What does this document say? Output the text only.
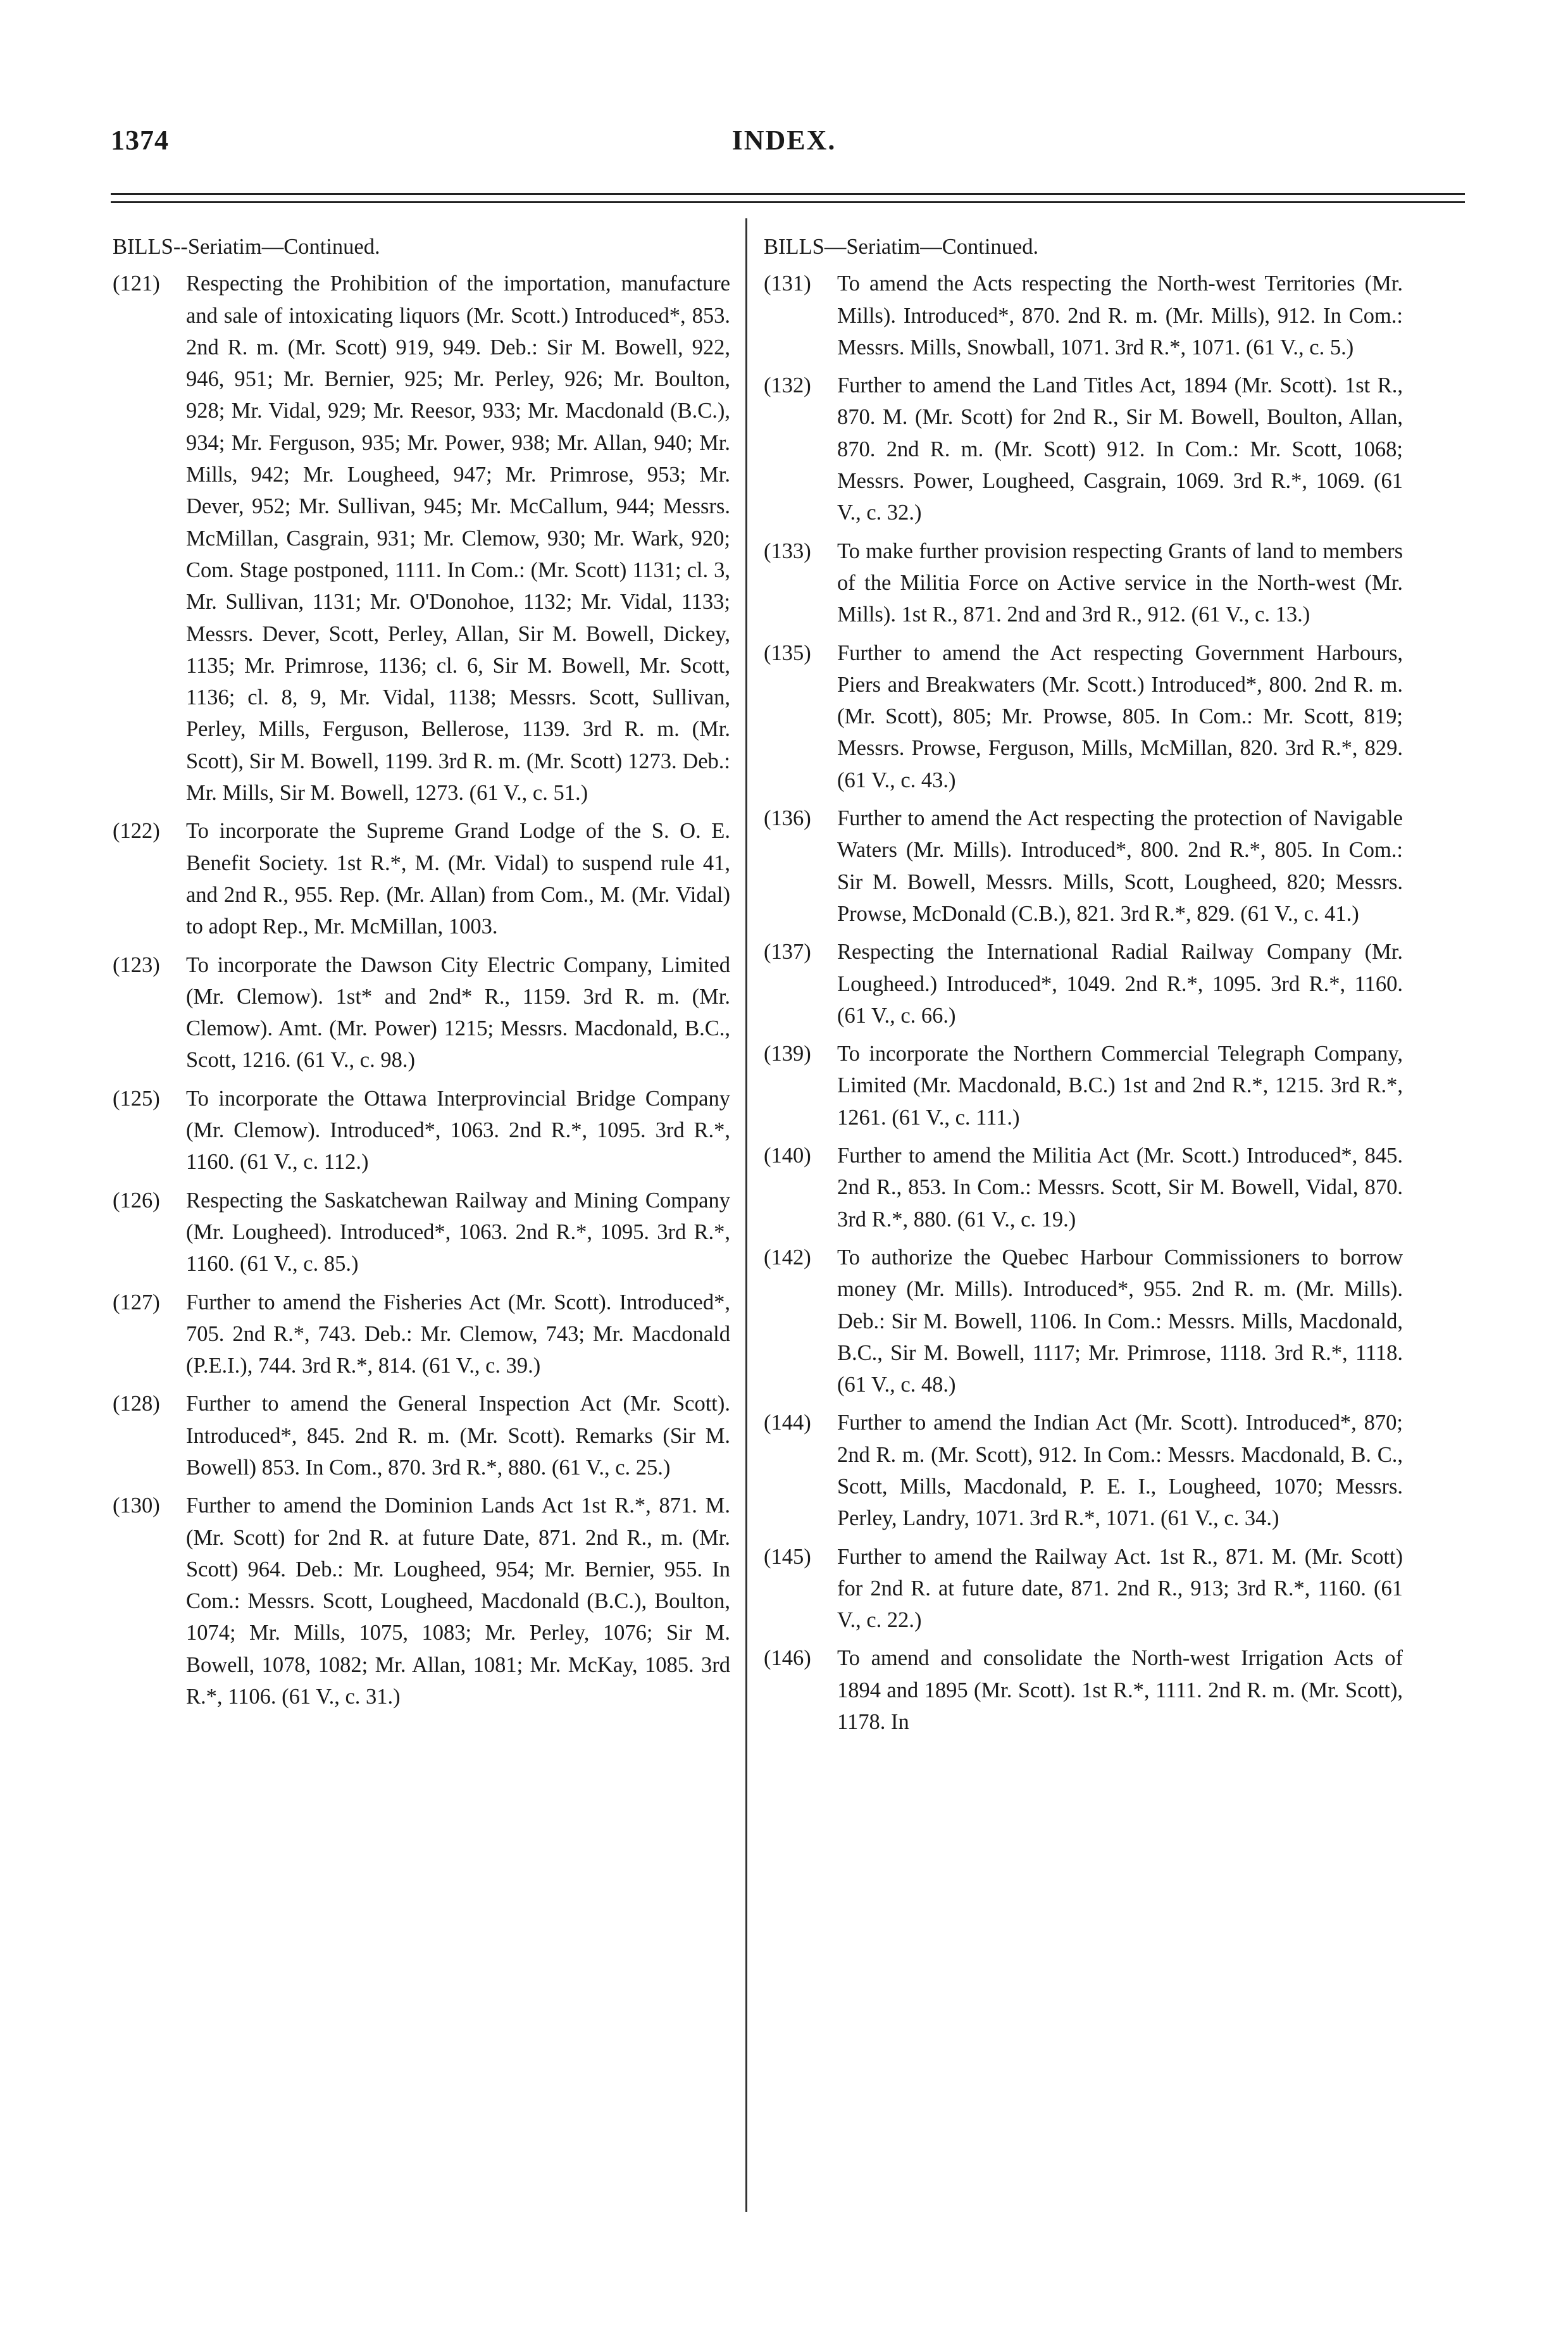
1374	INDEX.
BILLS--Seriatim—Continued.
(121) Respecting the Prohibition of the importation, manufacture and sale of intoxicating liquors (Mr. Scott.) Introduced*, 853. 2nd R. m. (Mr. Scott) 919, 949. Deb.: Sir M. Bowell, 922, 946, 951; Mr. Bernier, 925; Mr. Perley, 926; Mr. Boulton, 928; Mr. Vidal, 929; Mr. Reesor, 933; Mr. Macdonald (B.C.), 934; Mr. Ferguson, 935; Mr. Power, 938; Mr. Allan, 940; Mr. Mills, 942; Mr. Lougheed, 947; Mr. Primrose, 953; Mr. Dever, 952; Mr. Sullivan, 945; Mr. McCallum, 944; Messrs. McMillan, Casgrain, 931; Mr. Clemow, 930; Mr. Wark, 920; Com. Stage postponed, 1111. In Com.: (Mr. Scott) 1131; cl. 3, Mr. Sullivan, 1131; Mr. O'Donohoe, 1132; Mr. Vidal, 1133; Messrs. Dever, Scott, Perley, Allan, Sir M. Bowell, Dickey, 1135; Mr. Primrose, 1136; cl. 6, Sir M. Bowell, Mr. Scott, 1136; cl. 8, 9, Mr. Vidal, 1138; Messrs. Scott, Sullivan, Perley, Mills, Ferguson, Bellerose, 1139. 3rd R. m. (Mr. Scott), Sir M. Bowell, 1199. 3rd R. m. (Mr. Scott) 1273. Deb.: Mr. Mills, Sir M. Bowell, 1273. (61 V., c. 51.)
(122) To incorporate the Supreme Grand Lodge of the S. O. E. Benefit Society. 1st R.*, M. (Mr. Vidal) to suspend rule 41, and 2nd R., 955. Rep. (Mr. Allan) from Com., M. (Mr. Vidal) to adopt Rep., Mr. McMillan, 1003.
(123) To incorporate the Dawson City Electric Company, Limited (Mr. Clemow). 1st* and 2nd* R., 1159. 3rd R. m. (Mr. Clemow). Amt. (Mr. Power) 1215; Messrs. Macdonald, B.C., Scott, 1216. (61 V., c. 98.)
(125) To incorporate the Ottawa Interprovincial Bridge Company (Mr. Clemow). Introduced*, 1063. 2nd R.*, 1095. 3rd R.*, 1160. (61 V., c. 112.)
(126) Respecting the Saskatchewan Railway and Mining Company (Mr. Lougheed). Introduced*, 1063. 2nd R.*, 1095. 3rd R.*, 1160. (61 V., c. 85.)
(127) Further to amend the Fisheries Act (Mr. Scott). Introduced*, 705. 2nd R.*, 743. Deb.: Mr. Clemow, 743; Mr. Macdonald (P.E.I.), 744. 3rd R.*, 814. (61 V., c. 39.)
(128) Further to amend the General Inspection Act (Mr. Scott). Introduced*, 845. 2nd R. m. (Mr. Scott). Remarks (Sir M. Bowell) 853. In Com., 870. 3rd R.*, 880. (61 V., c. 25.)
(130) Further to amend the Dominion Lands Act 1st R.*, 871. M. (Mr. Scott) for 2nd R. at future Date, 871. 2nd R., m. (Mr. Scott) 964. Deb.: Mr. Lougheed, 954; Mr. Bernier, 955. In Com.: Messrs. Scott, Lougheed, Macdonald (B.C.), Boulton, 1074; Mr. Mills, 1075, 1083; Mr. Perley, 1076; Sir M. Bowell, 1078, 1082; Mr. Allan, 1081; Mr. McKay, 1085. 3rd R.*, 1106. (61 V., c. 31.)
BILLS—Seriatim—Continued.
(131) To amend the Acts respecting the North-west Territories (Mr. Mills). Introduced*, 870. 2nd R. m. (Mr. Mills), 912. In Com.: Messrs. Mills, Snowball, 1071. 3rd R.*, 1071. (61 V., c. 5.)
(132) Further to amend the Land Titles Act, 1894 (Mr. Scott). 1st R., 870. M. (Mr. Scott) for 2nd R., Sir M. Bowell, Boulton, Allan, 870. 2nd R. m. (Mr. Scott) 912. In Com.: Mr. Scott, 1068; Messrs. Power, Lougheed, Casgrain, 1069. 3rd R.*, 1069. (61 V., c. 32.)
(133) To make further provision respecting Grants of land to members of the Militia Force on Active service in the North-west (Mr. Mills). 1st R., 871. 2nd and 3rd R., 912. (61 V., c. 13.)
(135) Further to amend the Act respecting Government Harbours, Piers and Breakwaters (Mr. Scott.) Introduced*, 800. 2nd R. m. (Mr. Scott), 805; Mr. Prowse, 805. In Com.: Mr. Scott, 819; Messrs. Prowse, Ferguson, Mills, McMillan, 820. 3rd R.*, 829. (61 V., c. 43.)
(136) Further to amend the Act respecting the protection of Navigable Waters (Mr. Mills). Introduced*, 800. 2nd R.*, 805. In Com.: Sir M. Bowell, Messrs. Mills, Scott, Lougheed, 820; Messrs. Prowse, McDonald (C.B.), 821. 3rd R.*, 829. (61 V., c. 41.)
(137) Respecting the International Radial Railway Company (Mr. Lougheed.) Introduced*, 1049. 2nd R.*, 1095. 3rd R.*, 1160. (61 V., c. 66.)
(139) To incorporate the Northern Commercial Telegraph Company, Limited (Mr. Macdonald, B.C.) 1st and 2nd R.*, 1215. 3rd R.*, 1261. (61 V., c. 111.)
(140) Further to amend the Militia Act (Mr. Scott.) Introduced*, 845. 2nd R., 853. In Com.: Messrs. Scott, Sir M. Bowell, Vidal, 870. 3rd R.*, 880. (61 V., c. 19.)
(142) To authorize the Quebec Harbour Commissioners to borrow money (Mr. Mills). Introduced*, 955. 2nd R. m. (Mr. Mills). Deb.: Sir M. Bowell, 1106. In Com.: Messrs. Mills, Macdonald, B.C., Sir M. Bowell, 1117; Mr. Primrose, 1118. 3rd R.*, 1118. (61 V., c. 48.)
(144) Further to amend the Indian Act (Mr. Scott). Introduced*, 870; 2nd R. m. (Mr. Scott), 912. In Com.: Messrs. Macdonald, B. C., Scott, Mills, Macdonald, P. E. I., Lougheed, 1070; Messrs. Perley, Landry, 1071. 3rd R.*, 1071. (61 V., c. 34.)
(145) Further to amend the Railway Act. 1st R., 871. M. (Mr. Scott) for 2nd R. at future date, 871. 2nd R., 913; 3rd R.*, 1160. (61 V., c. 22.)
(146) To amend and consolidate the North-west Irrigation Acts of 1894 and 1895 (Mr. Scott). 1st R.*, 1111. 2nd R. m. (Mr. Scott), 1178. In
